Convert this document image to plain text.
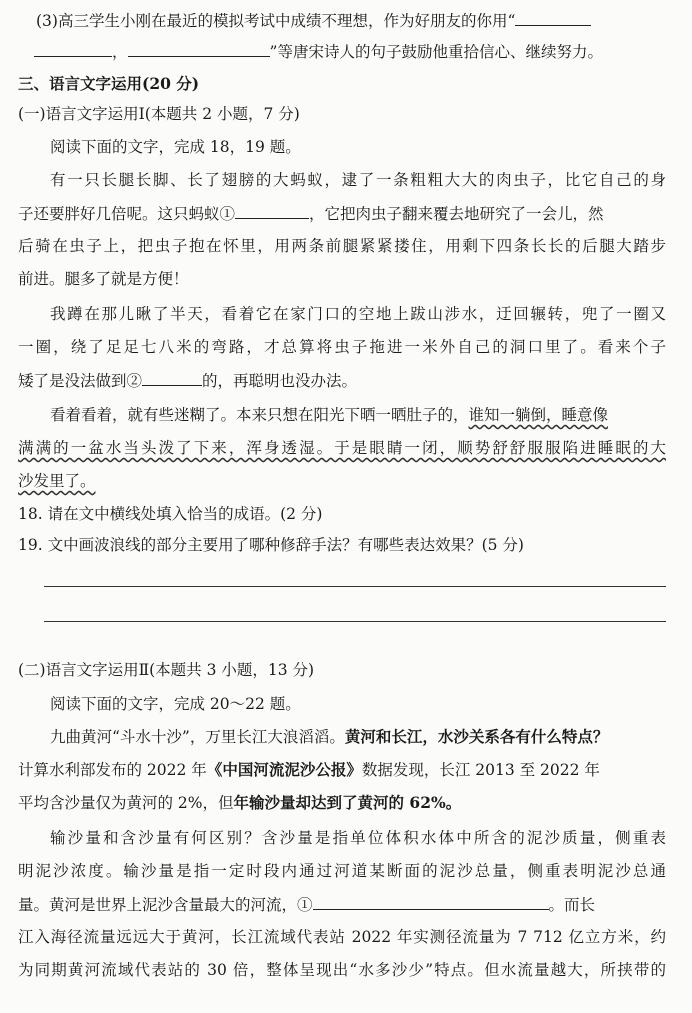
(3)高三学生小刚在最近的模拟考试中成绩不理想，作为好朋友的你用“
，	”等唐宋诗人的句子鼓励他重拾信心、继续努力。
三、语言文字运用(20 分)
(一)语言文字运用Ⅰ(本题共 2 小题，7 分)
阅读下面的文字，完成 18，19 题。
有一只长腿长脚、长了翅膀的大蚂蚁，逮了一条粗粗大大的肉虫子，比它自己的身
子还要胖好几倍呢。这只蚂蚁①	，它把肉虫子翻来覆去地研究了一会儿，然
后骑在虫子上，把虫子抱在怀里，用两条前腿紧紧搂住，用剩下四条长长的后腿大踏步
前进。腿多了就是方便！
我蹲在那儿瞅了半天，看着它在家门口的空地上跋山涉水，迂回辗转，兜了一圈又
一圈，绕了足足七八米的弯路，才总算将虫子拖进一米外自己的洞口里了。看来个子
矮了是没法做到②	的，再聪明也没办法。
看着看着，就有些迷糊了。本来只想在阳光下晒一晒肚子的，谁知一躺倒，睡意像
满满的一盆水当头泼了下来，浑身透湿。于是眼睛一闭，顺势舒舒服服陷进睡眠的大
沙发里了。
18. 请在文中横线处填入恰当的成语。(2 分)
19. 文中画波浪线的部分主要用了哪种修辞手法？有哪些表达效果？(5 分)
(二)语言文字运用Ⅱ(本题共 3 小题，13 分)
阅读下面的文字，完成 20～22 题。
九曲黄河“斗水十沙”，万里长江大浪滔滔。黄河和长江，水沙关系各有什么特点？
计算水利部发布的 2022 年《中国河流泥沙公报》数据发现，长江 2013 至 2022 年
平均含沙量仅为黄河的 2%，但年输沙量却达到了黄河的 62%。
输沙量和含沙量有何区别？含沙量是指单位体积水体中所含的泥沙质量，侧重表
明泥沙浓度。输沙量是指一定时段内通过河道某断面的泥沙总量，侧重表明泥沙总通
量。黄河是世界上泥沙含量最大的河流，①	。而长
江入海径流量远远大于黄河，长江流域代表站 2022 年实测径流量为 7 712 亿立方米，约
为同期黄河流域代表站的 30 倍，整体呈现出“水多沙少”特点。但水流量越大，所挟带的
